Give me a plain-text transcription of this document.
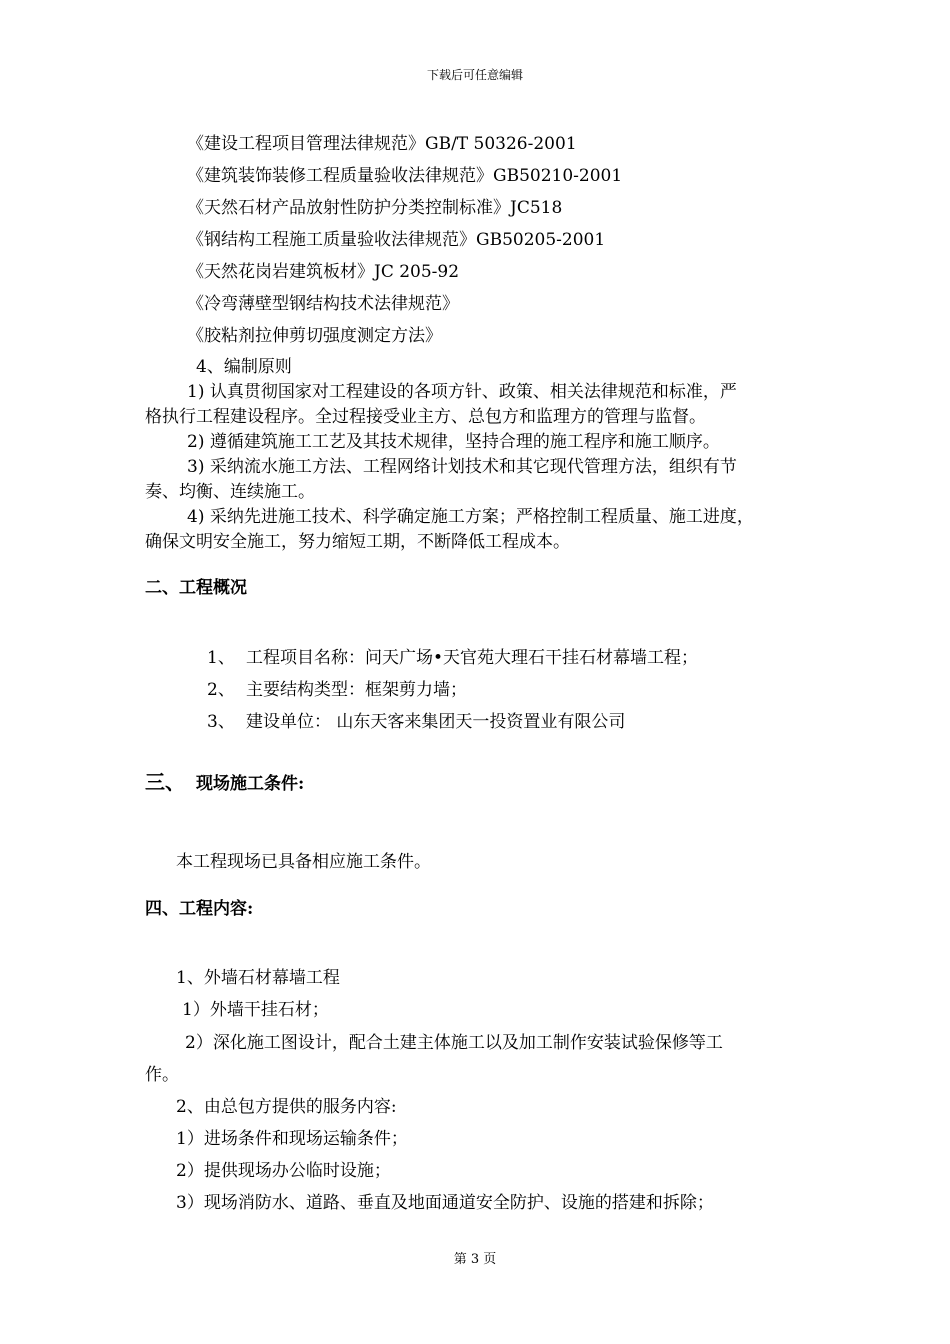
下载后可任意编辑
《建设工程项目管理法律规范》GB/T 50326-2001
《建筑装饰装修工程质量验收法律规范》GB50210-2001
《天然石材产品放射性防护分类控制标准》JC518
《钢结构工程施工质量验收法律规范》GB50205-2001
《天然花岗岩建筑板材》JC 205-92
《冷弯薄壁型钢结构技术法律规范》
《胶粘剂拉伸剪切强度测定方法》
4、编制原则
1) 认真贯彻国家对工程建设的各项方针、政策、相关法律规范和标准，严
格执行工程建设程序。全过程接受业主方、总包方和监理方的管理与监督。
2) 遵循建筑施工工艺及其技术规律，坚持合理的施工程序和施工顺序。
3) 采纳流水施工方法、工程网络计划技术和其它现代管理方法，组织有节
奏、均衡、连续施工。
4) 采纳先进施工技术、科学确定施工方案；严格控制工程质量、施工进度，
确保文明安全施工，努力缩短工期，不断降低工程成本。
二、工程概况
1、 工程项目名称：问天广场•天官苑大理石干挂石材幕墙工程；
2、 主要结构类型：框架剪力墙；
3、 建设单位： 山东天客来集团天一投资置业有限公司
三、 现场施工条件:
本工程现场已具备相应施工条件。
四、工程内容:
1、外墙石材幕墙工程
1）外墙干挂石材；
2）深化施工图设计，配合土建主体施工以及加工制作安装试验保修等工
作。
2、由总包方提供的服务内容:
1）进场条件和现场运输条件；
2）提供现场办公临时设施；
3）现场消防水、道路、垂直及地面通道安全防护、设施的搭建和拆除；
第 3 页
